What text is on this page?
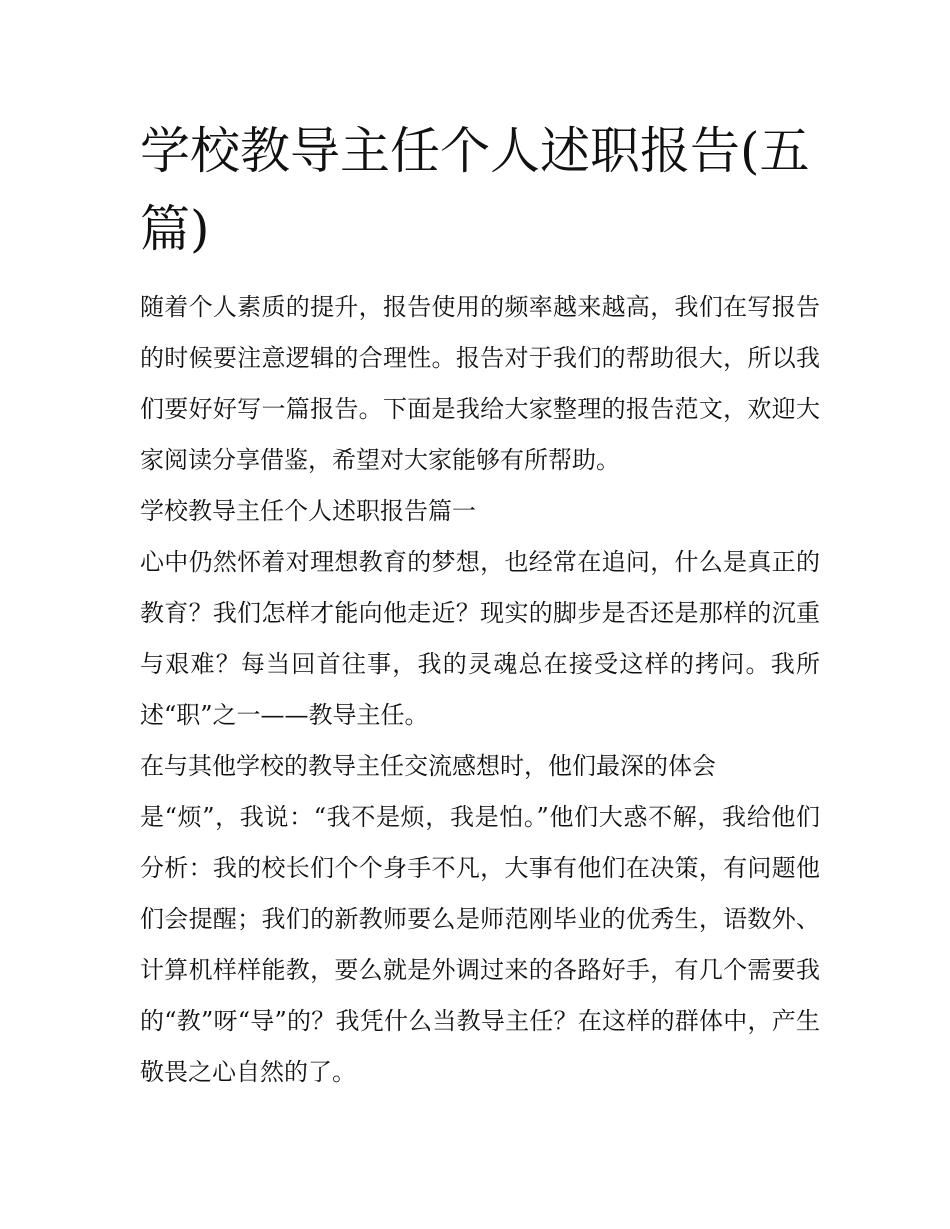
学校教导主任个人述职报告(五篇)

随着个人素质的提升，报告使用的频率越来越高，我们在写报告的时候要注意逻辑的合理性。报告对于我们的帮助很大，所以我们要好好写一篇报告。下面是我给大家整理的报告范文，欢迎大家阅读分享借鉴，希望对大家能够有所帮助。

学校教导主任个人述职报告篇一

心中仍然怀着对理想教育的梦想，也经常在追问，什么是真正的教育？我们怎样才能向他走近？现实的脚步是否还是那样的沉重与艰难？每当回首往事，我的灵魂总在接受这样的拷问。我所述“职”之一——教导主任。

在与其他学校的教导主任交流感想时，他们最深的体会

是“烦”，我说：“我不是烦，我是怕。”他们大惑不解，我给他们分析：我的校长们个个身手不凡，大事有他们在决策，有问题他们会提醒；我们的新教师要么是师范刚毕业的优秀生，语数外、计算机样样能教，要么就是外调过来的各路好手，有几个需要我的“教”呀“导”的？我凭什么当教导主任？在这样的群体中，产生敬畏之心自然的了。
